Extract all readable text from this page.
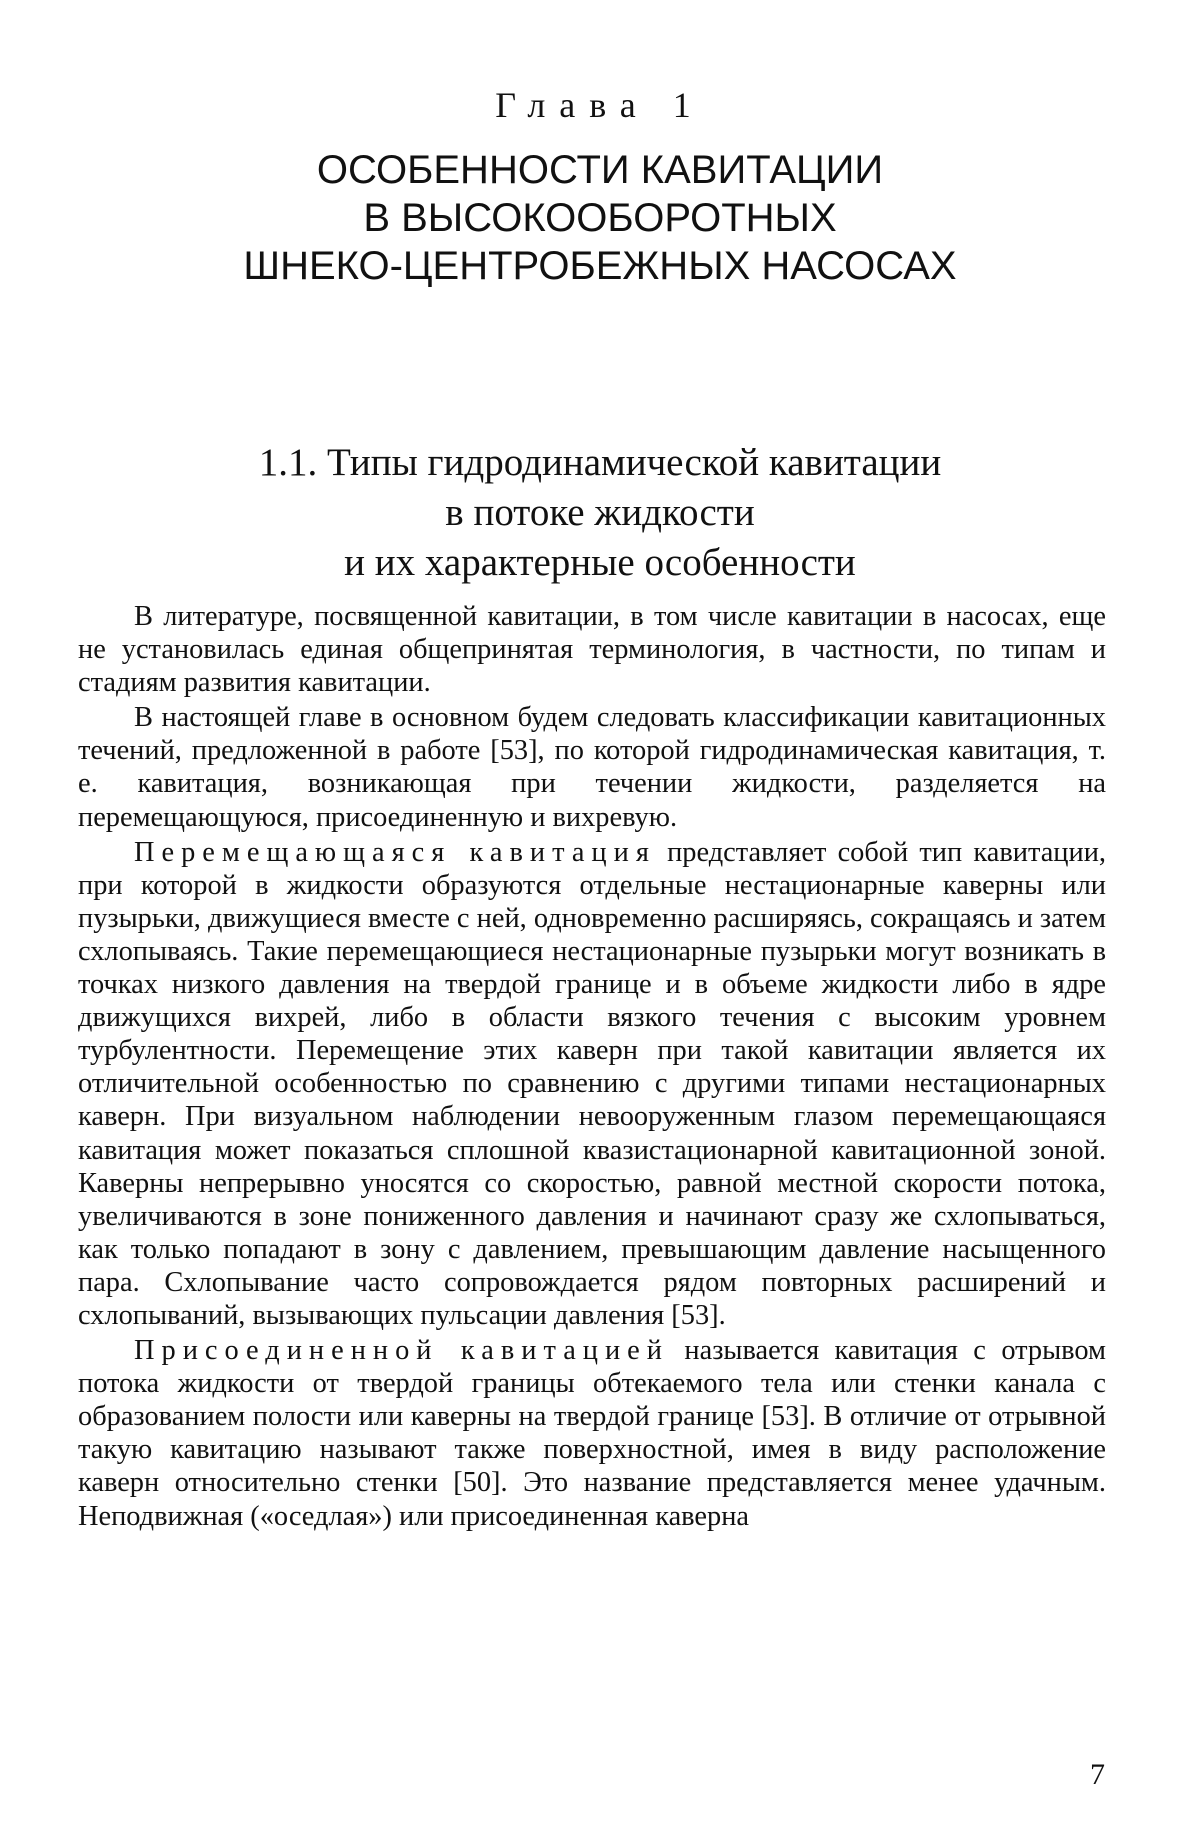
Глава 1
ОСОБЕННОСТИ КАВИТАЦИИ
В ВЫСОКООБОРОТНЫХ
ШНЕКО-ЦЕНТРОБЕЖНЫХ НАСОСАХ
1.1. Типы гидродинамической кавитации
в потоке жидкости
и их характерные особенности

В литературе, посвященной кавитации, в том числе кавитации в насосах, еще не установилась единая общепринятая терминология, в частности, по типам и стадиям развития кавитации.

В настоящей главе в основном будем следовать классификации кавитационных течений, предложенной в работе [53], по которой гидродинамическая кавитация, т. е. кавитация, возникающая при течении жидкости, разделяется на перемещающуюся, присоединенную и вихревую.

Перемещающаяся кавитация представляет собой тип кавитации, при которой в жидкости образуются отдельные нестационарные каверны или пузырьки, движущиеся вместе с ней, одновременно расширяясь, сокращаясь и затем схлопываясь. Такие перемещающиеся нестационарные пузырьки могут возникать в точках низкого давления на твердой границе и в объеме жидкости либо в ядре движущихся вихрей, либо в области вязкого течения с высоким уровнем турбулентности. Перемещение этих каверн при такой кавитации является их отличительной особенностью по сравнению с другими типами нестационарных каверн. При визуальном наблюдении невооруженным глазом перемещающаяся кавитация может показаться сплошной квазистационарной кавитационной зоной. Каверны непрерывно уносятся со скоростью, равной местной скорости потока, увеличиваются в зоне пониженного давления и начинают сразу же схлопываться, как только попадают в зону с давлением, превышающим давление насыщенного пара. Схлопывание часто сопровождается рядом повторных расширений и схлопываний, вызывающих пульсации давления [53].

Присоединенной кавитацией называется кавитация с отрывом потока жидкости от твердой границы обтекаемого тела или стенки канала с образованием полости или каверны на твердой границе [53]. В отличие от отрывной такую кавитацию называют также поверхностной, имея в виду расположение каверн относительно стенки [50]. Это название представляется менее удачным. Неподвижная («оседлая») или присоединенная каверна

7
